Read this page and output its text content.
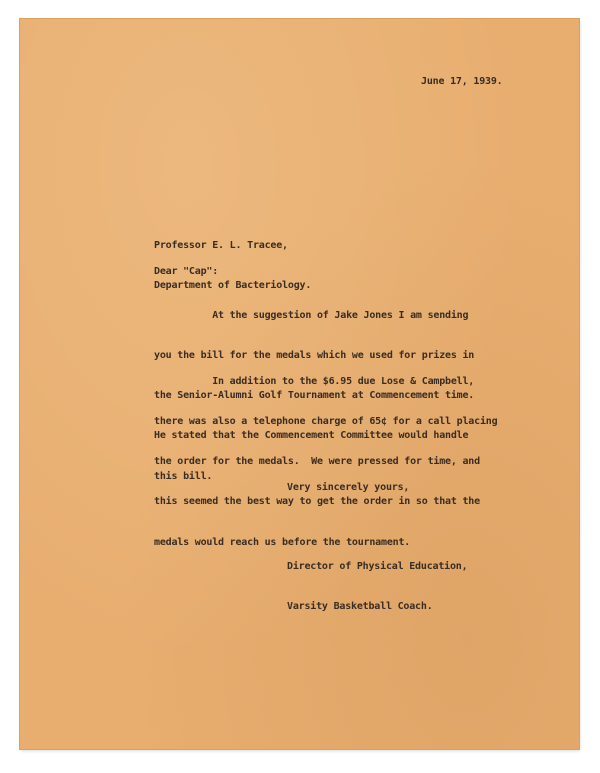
June 17, 1939.

Professor E. L. Tracee,

Department of Bacteriology.

Dear "Cap":

At the suggestion of Jake Jones I am sending

you the bill for the medals which we used for prizes in

the Senior-Alumni Golf Tournament at Commencement time.

He stated that the Commencement Committee would handle

this bill.

In addition to the $6.95 due Lose & Campbell,

there was also a telephone charge of 65¢ for a call placing

the order for the medals.  We were pressed for time, and

this seemed the best way to get the order in so that the

medals would reach us before the tournament.

Very sincerely yours,

Director of Physical Education,

Varsity Basketball Coach.
